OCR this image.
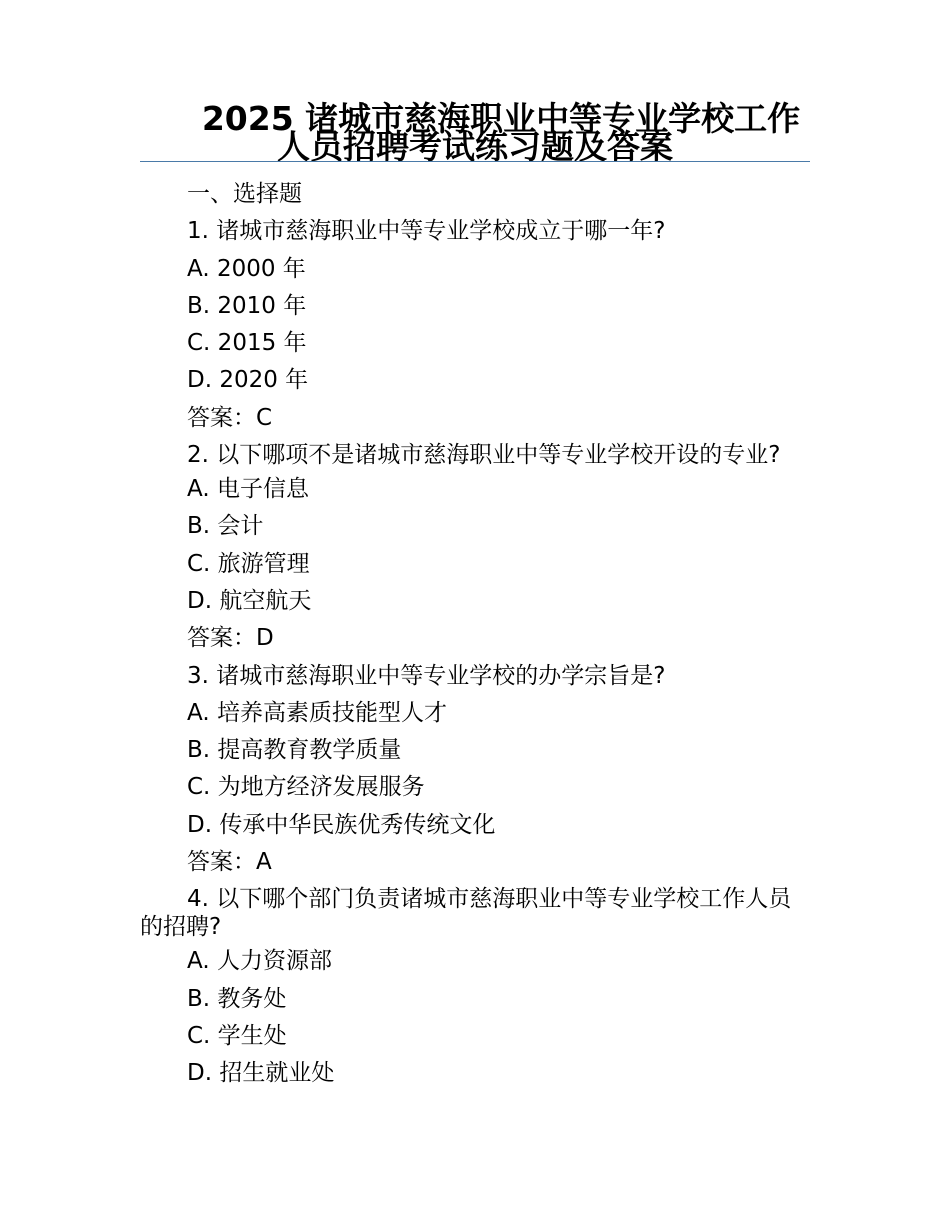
2025 诸城市慈海职业中等专业学校工作
人员招聘考试练习题及答案
一、选择题
1. 诸城市慈海职业中等专业学校成立于哪一年?
A. 2000 年
B. 2010 年
C. 2015 年
D. 2020 年
答案：C
2. 以下哪项不是诸城市慈海职业中等专业学校开设的专业?
A. 电子信息
B. 会计
C. 旅游管理
D. 航空航天
答案：D
3. 诸城市慈海职业中等专业学校的办学宗旨是?
A. 培养高素质技能型人才
B. 提高教育教学质量
C. 为地方经济发展服务
D. 传承中华民族优秀传统文化
答案：A
4. 以下哪个部门负责诸城市慈海职业中等专业学校工作人员的招聘?
A. 人力资源部
B. 教务处
C. 学生处
D. 招生就业处
